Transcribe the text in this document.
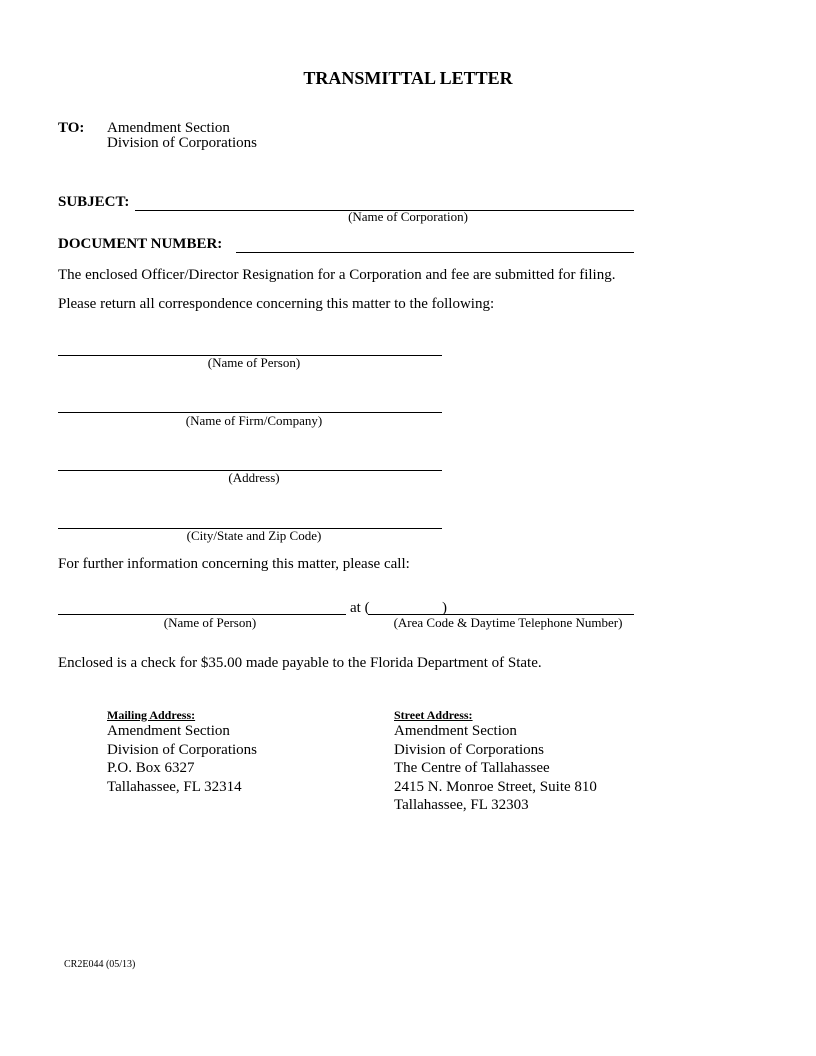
TRANSMITTAL LETTER
TO: Amendment Section
Division of Corporations
SUBJECT:
(Name of Corporation)
DOCUMENT NUMBER:
The enclosed Officer/Director Resignation for a Corporation and fee are submitted for filing.
Please return all correspondence concerning this matter to the following:
(Name of Person)
(Name of Firm/Company)
(Address)
(City/State and Zip Code)
For further information concerning this matter, please call:
at (	)
(Name of Person)	(Area Code & Daytime Telephone Number)
Enclosed is a check for $35.00 made payable to the Florida Department of State.
Mailing Address:
Amendment Section
Division of Corporations
P.O. Box 6327
Tallahassee, FL 32314
Street Address:
Amendment Section
Division of Corporations
The Centre of Tallahassee
2415 N. Monroe Street, Suite 810
Tallahassee, FL 32303
CR2E044 (05/13)
